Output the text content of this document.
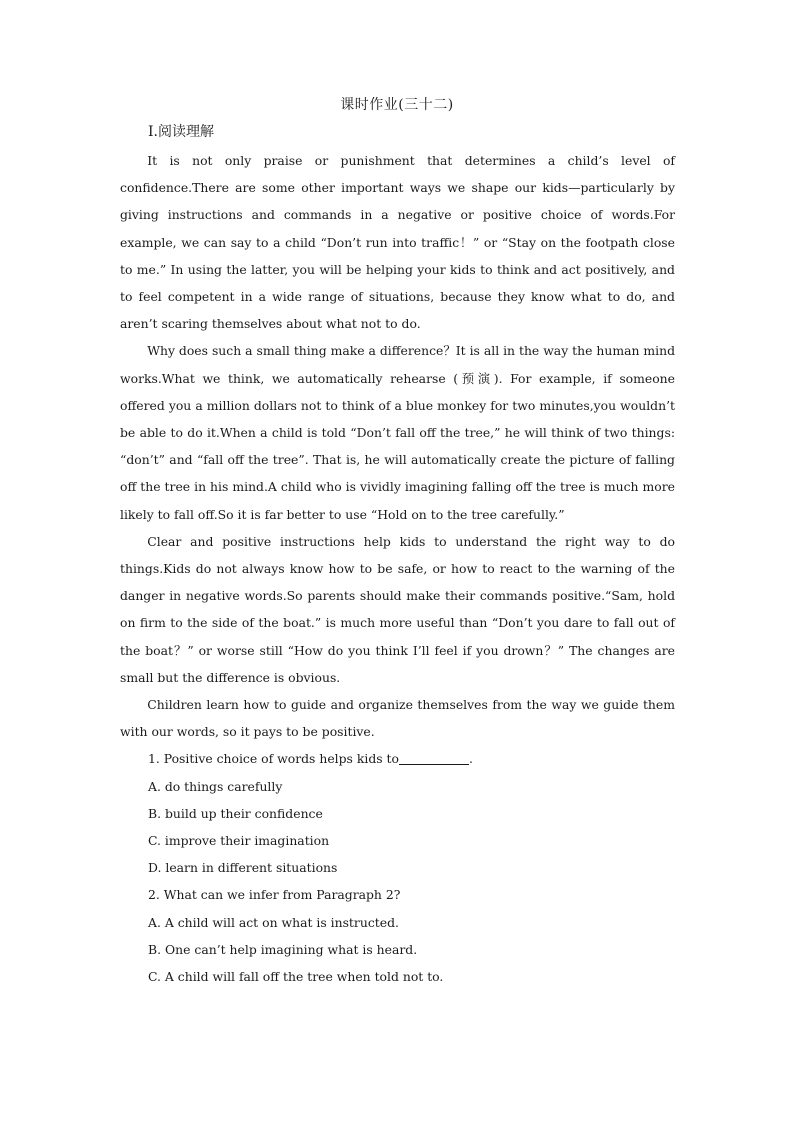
课时作业(三十二)
Ⅰ.阅读理解

It is not only praise or punishment that determines a child’s level of confidence.There are some other important ways we shape our kids—particularly by giving instructions and commands in a negative or positive choice of words.For example, we can say to a child “Don’t run into traffic！” or “Stay on the footpath close to me.” In using the latter, you will be helping your kids to think and act positively, and to feel competent in a wide range of situations, because they know what to do, and aren’t scaring themselves about what not to do.

Why does such a small thing make a difference？It is all in the way the human mind works.What we think, we automatically rehearse (预演). For example, if someone offered you a million dollars not to think of a blue monkey for two minutes,you wouldn’t be able to do it.When a child is told “Don’t fall off the tree,” he will think of two things: “don’t” and “fall off the tree”. That is, he will automatically create the picture of falling off the tree in his mind.A child who is vividly imagining falling off the tree is much more likely to fall off.So it is far better to use “Hold on to the tree carefully.”

Clear and positive instructions help kids to understand the right way to do things.Kids do not always know how to be safe, or how to react to the warning of the danger in negative words.So parents should make their commands positive.“Sam, hold on firm to the side of the boat.” is much more useful than “Don’t you dare to fall out of the boat？” or worse still “How do you think I’ll feel if you drown？” The changes are small but the difference is obvious.

Children learn how to guide and organize themselves from the way we guide them with our words, so it pays to be positive.

1. Positive choice of words helps kids to	.
A. do things carefully
B. build up their confidence
C. improve their imagination
D. learn in different situations
2. What can we infer from Paragraph 2?
A. A child will act on what is instructed.
B. One can’t help imagining what is heard.
C. A child will fall off the tree when told not to.
